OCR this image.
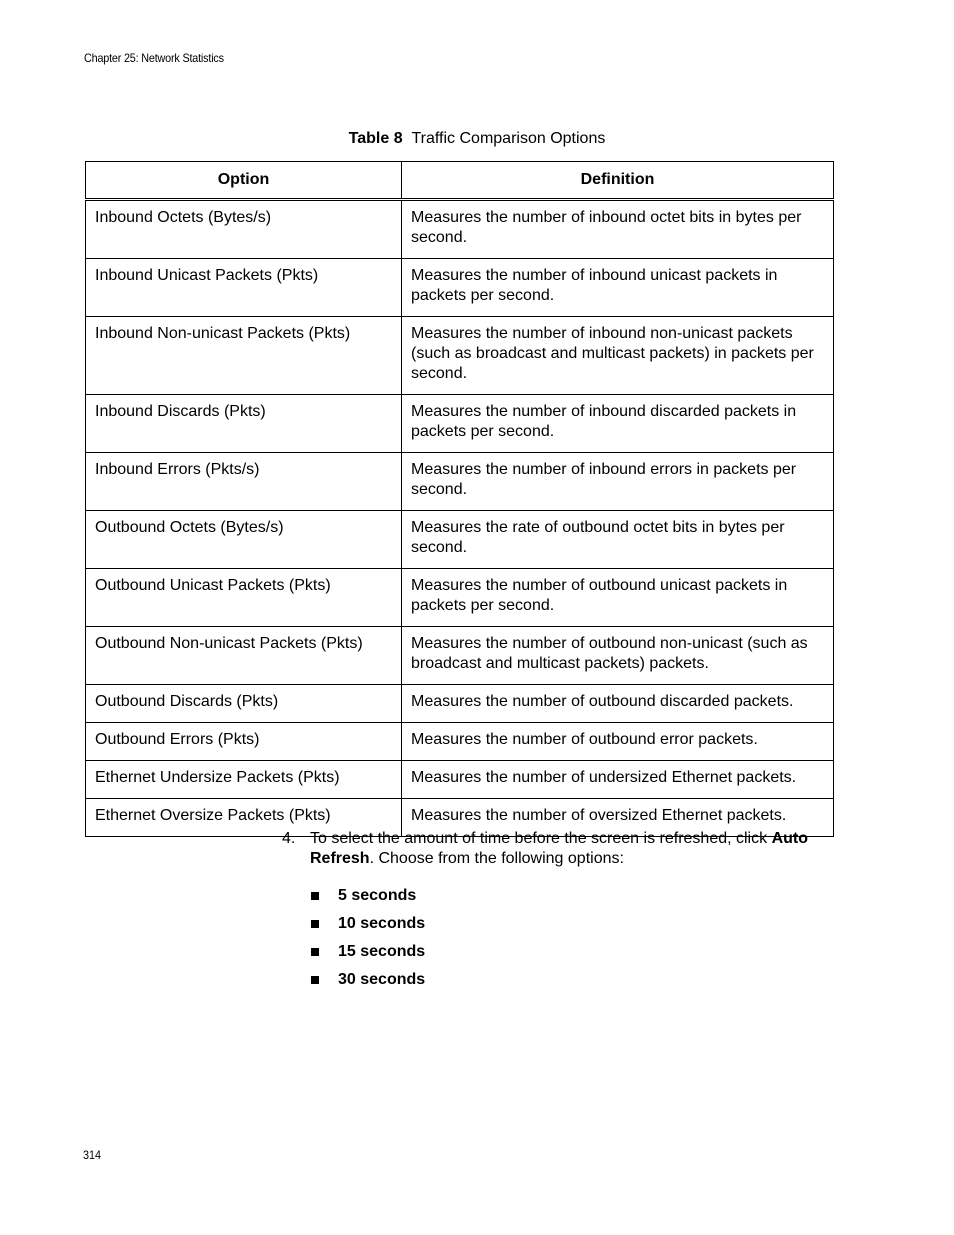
Chapter 25: Network Statistics
Table 8 Traffic Comparison Options
Option	Definition
Inbound Octets (Bytes/s)	Measures the number of inbound octet bits in bytes per second.
Inbound Unicast Packets (Pkts)	Measures the number of inbound unicast packets in packets per second.
Inbound Non-unicast Packets (Pkts)	Measures the number of inbound non-unicast packets (such as broadcast and multicast packets) in packets per second.
Inbound Discards (Pkts)	Measures the number of inbound discarded packets in packets per second.
Inbound Errors (Pkts/s)	Measures the number of inbound errors in packets per second.
Outbound Octets (Bytes/s)	Measures the rate of outbound octet bits in bytes per second.
Outbound Unicast Packets (Pkts)	Measures the number of outbound unicast packets in packets per second.
Outbound Non-unicast Packets (Pkts)	Measures the number of outbound non-unicast (such as broadcast and multicast packets) packets.
Outbound Discards (Pkts)	Measures the number of outbound discarded packets.
Outbound Errors (Pkts)	Measures the number of outbound error packets.
Ethernet Undersize Packets (Pkts)	Measures the number of undersized Ethernet packets.
Ethernet Oversize Packets (Pkts)	Measures the number of oversized Ethernet packets.
4. To select the amount of time before the screen is refreshed, click Auto Refresh. Choose from the following options:
5 seconds
10 seconds
15 seconds
30 seconds
314
